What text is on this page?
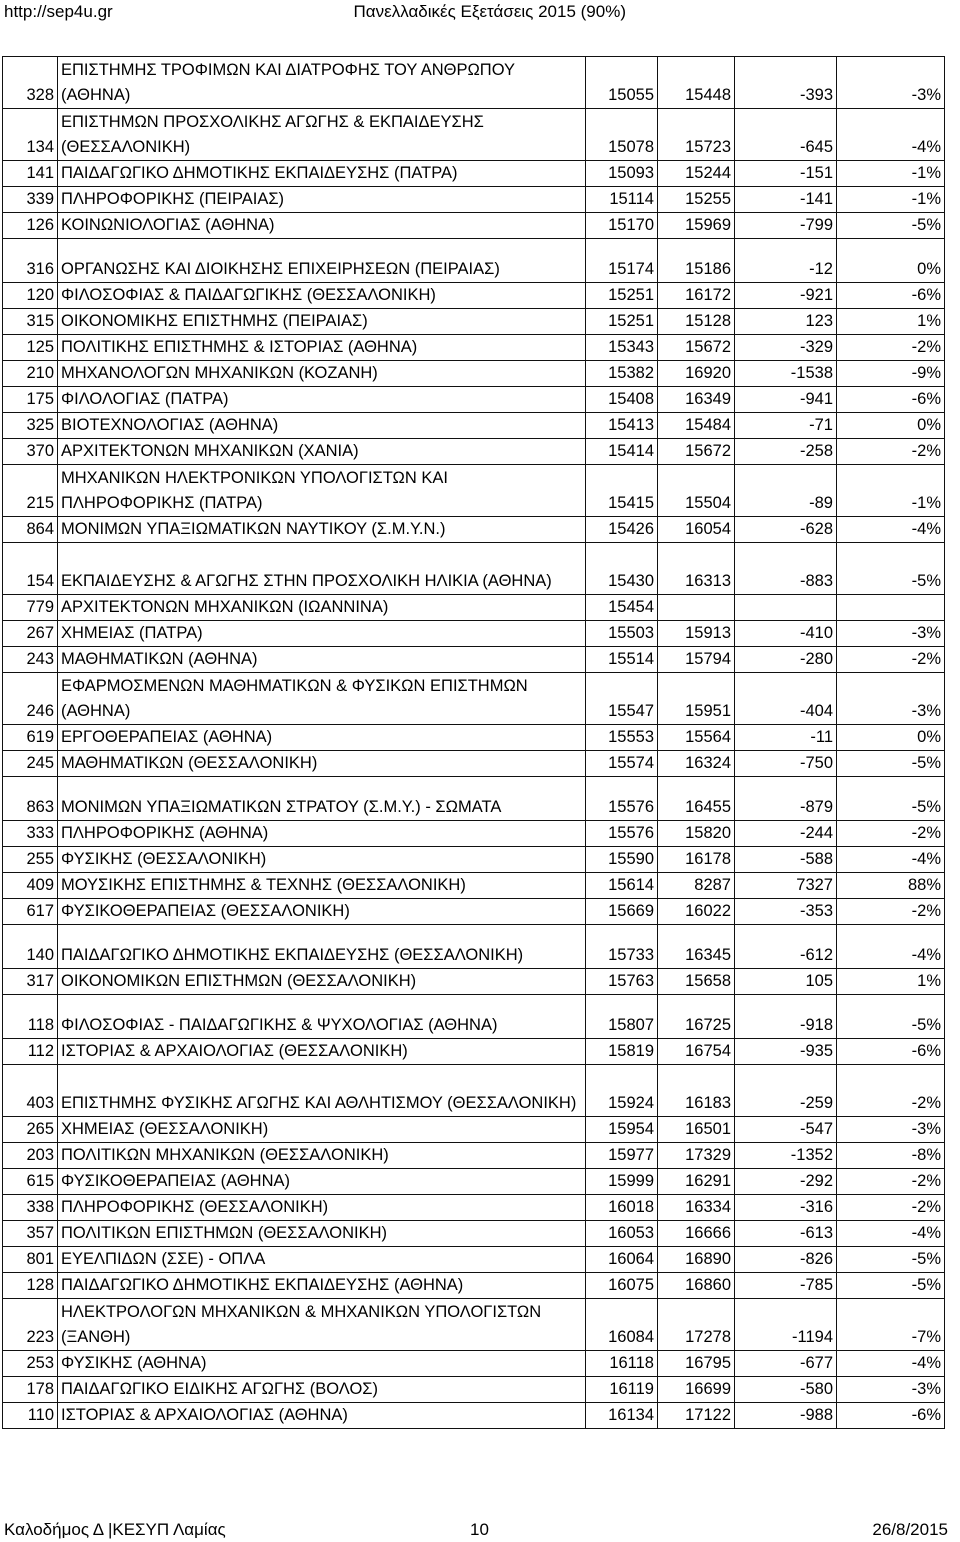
http://sep4u.gr	Πανελλαδικές Εξετάσεις 2015 (90%)
328	ΕΠΙΣΤΗΜΗΣ ΤΡΟΦΙΜΩΝ ΚΑΙ ΔΙΑΤΡΟΦΗΣ ΤΟΥ ΑΝΘΡΩΠΟΥ (ΑΘΗΝΑ)	15055	15448	-393	-3%
134	ΕΠΙΣΤΗΜΩΝ ΠΡΟΣΧΟΛΙΚΗΣ ΑΓΩΓΗΣ & ΕΚΠΑΙΔΕΥΣΗΣ (ΘΕΣΣΑΛΟΝΙΚΗ)	15078	15723	-645	-4%
141	ΠΑΙΔΑΓΩΓΙΚΟ ΔΗΜΟΤΙΚΗΣ ΕΚΠΑΙΔΕΥΣΗΣ (ΠΑΤΡΑ)	15093	15244	-151	-1%
339	ΠΛΗΡΟΦΟΡΙΚΗΣ (ΠΕΙΡΑΙΑΣ)	15114	15255	-141	-1%
126	ΚΟΙΝΩΝΙΟΛΟΓΙΑΣ (ΑΘΗΝΑ)	15170	15969	-799	-5%
316	ΟΡΓΑΝΩΣΗΣ ΚΑΙ ΔΙΟΙΚΗΣΗΣ ΕΠΙΧΕΙΡΗΣΕΩΝ (ΠΕΙΡΑΙΑΣ)	15174	15186	-12	0%
120	ΦΙΛΟΣΟΦΙΑΣ & ΠΑΙΔΑΓΩΓΙΚΗΣ (ΘΕΣΣΑΛΟΝΙΚΗ)	15251	16172	-921	-6%
315	ΟΙΚΟΝΟΜΙΚΗΣ ΕΠΙΣΤΗΜΗΣ (ΠΕΙΡΑΙΑΣ)	15251	15128	123	1%
125	ΠΟΛΙΤΙΚΗΣ ΕΠΙΣΤΗΜΗΣ & ΙΣΤΟΡΙΑΣ (ΑΘΗΝΑ)	15343	15672	-329	-2%
210	ΜΗΧΑΝΟΛΟΓΩΝ ΜΗΧΑΝΙΚΩΝ (ΚΟΖΑΝΗ)	15382	16920	-1538	-9%
175	ΦΙΛΟΛΟΓΙΑΣ (ΠΑΤΡΑ)	15408	16349	-941	-6%
325	ΒΙΟΤΕΧΝΟΛΟΓΙΑΣ (ΑΘΗΝΑ)	15413	15484	-71	0%
370	ΑΡΧΙΤΕΚΤΟΝΩΝ ΜΗΧΑΝΙΚΩΝ (ΧΑΝΙΑ)	15414	15672	-258	-2%
215	ΜΗΧΑΝΙΚΩΝ ΗΛΕΚΤΡΟΝΙΚΩΝ ΥΠΟΛΟΓΙΣΤΩΝ ΚΑΙ ΠΛΗΡΟΦΟΡΙΚΗΣ (ΠΑΤΡΑ)	15415	15504	-89	-1%
864	ΜΟΝΙΜΩΝ ΥΠΑΞΙΩΜΑΤΙΚΩΝ ΝΑΥΤΙΚΟΥ (Σ.Μ.Υ.Ν.)	15426	16054	-628	-4%
154	ΕΚΠΑΙΔΕΥΣΗΣ & ΑΓΩΓΗΣ ΣΤΗΝ ΠΡΟΣΧΟΛΙΚΗ ΗΛΙΚΙΑ (ΑΘΗΝΑ)	15430	16313	-883	-5%
779	ΑΡΧΙΤΕΚΤΟΝΩΝ ΜΗΧΑΝΙΚΩΝ (ΙΩΑΝΝΙΝΑ)	15454			
267	ΧΗΜΕΙΑΣ (ΠΑΤΡΑ)	15503	15913	-410	-3%
243	ΜΑΘΗΜΑΤΙΚΩΝ (ΑΘΗΝΑ)	15514	15794	-280	-2%
246	ΕΦΑΡΜΟΣΜΕΝΩΝ ΜΑΘΗΜΑΤΙΚΩΝ & ΦΥΣΙΚΩΝ ΕΠΙΣΤΗΜΩΝ (ΑΘΗΝΑ)	15547	15951	-404	-3%
619	ΕΡΓΟΘΕΡΑΠΕΙΑΣ (ΑΘΗΝΑ)	15553	15564	-11	0%
245	ΜΑΘΗΜΑΤΙΚΩΝ (ΘΕΣΣΑΛΟΝΙΚΗ)	15574	16324	-750	-5%
863	ΜΟΝΙΜΩΝ ΥΠΑΞΙΩΜΑΤΙΚΩΝ ΣΤΡΑΤΟΥ (Σ.Μ.Υ.) - ΣΩΜΑΤΑ	15576	16455	-879	-5%
333	ΠΛΗΡΟΦΟΡΙΚΗΣ (ΑΘΗΝΑ)	15576	15820	-244	-2%
255	ΦΥΣΙΚΗΣ (ΘΕΣΣΑΛΟΝΙΚΗ)	15590	16178	-588	-4%
409	ΜΟΥΣΙΚΗΣ ΕΠΙΣΤΗΜΗΣ & ΤΕΧΝΗΣ (ΘΕΣΣΑΛΟΝΙΚΗ)	15614	8287	7327	88%
617	ΦΥΣΙΚΟΘΕΡΑΠΕΙΑΣ (ΘΕΣΣΑΛΟΝΙΚΗ)	15669	16022	-353	-2%
140	ΠΑΙΔΑΓΩΓΙΚΟ ΔΗΜΟΤΙΚΗΣ ΕΚΠΑΙΔΕΥΣΗΣ (ΘΕΣΣΑΛΟΝΙΚΗ)	15733	16345	-612	-4%
317	ΟΙΚΟΝΟΜΙΚΩΝ ΕΠΙΣΤΗΜΩΝ (ΘΕΣΣΑΛΟΝΙΚΗ)	15763	15658	105	1%
118	ΦΙΛΟΣΟΦΙΑΣ - ΠΑΙΔΑΓΩΓΙΚΗΣ & ΨΥΧΟΛΟΓΙΑΣ (ΑΘΗΝΑ)	15807	16725	-918	-5%
112	ΙΣΤΟΡΙΑΣ & ΑΡΧΑΙΟΛΟΓΙΑΣ (ΘΕΣΣΑΛΟΝΙΚΗ)	15819	16754	-935	-6%
403	ΕΠΙΣΤΗΜΗΣ ΦΥΣΙΚΗΣ ΑΓΩΓΗΣ ΚΑΙ ΑΘΛΗΤΙΣΜΟΥ (ΘΕΣΣΑΛΟΝΙΚΗ)	15924	16183	-259	-2%
265	ΧΗΜΕΙΑΣ (ΘΕΣΣΑΛΟΝΙΚΗ)	15954	16501	-547	-3%
203	ΠΟΛΙΤΙΚΩΝ ΜΗΧΑΝΙΚΩΝ (ΘΕΣΣΑΛΟΝΙΚΗ)	15977	17329	-1352	-8%
615	ΦΥΣΙΚΟΘΕΡΑΠΕΙΑΣ (ΑΘΗΝΑ)	15999	16291	-292	-2%
338	ΠΛΗΡΟΦΟΡΙΚΗΣ (ΘΕΣΣΑΛΟΝΙΚΗ)	16018	16334	-316	-2%
357	ΠΟΛΙΤΙΚΩΝ ΕΠΙΣΤΗΜΩΝ (ΘΕΣΣΑΛΟΝΙΚΗ)	16053	16666	-613	-4%
801	ΕΥΕΛΠΙΔΩΝ (ΣΣΕ) - ΟΠΛΑ	16064	16890	-826	-5%
128	ΠΑΙΔΑΓΩΓΙΚΟ ΔΗΜΟΤΙΚΗΣ ΕΚΠΑΙΔΕΥΣΗΣ (ΑΘΗΝΑ)	16075	16860	-785	-5%
223	ΗΛΕΚΤΡΟΛΟΓΩΝ ΜΗΧΑΝΙΚΩΝ & ΜΗΧΑΝΙΚΩΝ ΥΠΟΛΟΓΙΣΤΩΝ (ΞΑΝΘΗ)	16084	17278	-1194	-7%
253	ΦΥΣΙΚΗΣ (ΑΘΗΝΑ)	16118	16795	-677	-4%
178	ΠΑΙΔΑΓΩΓΙΚΟ ΕΙΔΙΚΗΣ ΑΓΩΓΗΣ (ΒΟΛΟΣ)	16119	16699	-580	-3%
110	ΙΣΤΟΡΙΑΣ & ΑΡΧΑΙΟΛΟΓΙΑΣ (ΑΘΗΝΑ)	16134	17122	-988	-6%
Καλοδήμος Δ |ΚΕΣΥΠ Λαμίας	10	26/8/2015
